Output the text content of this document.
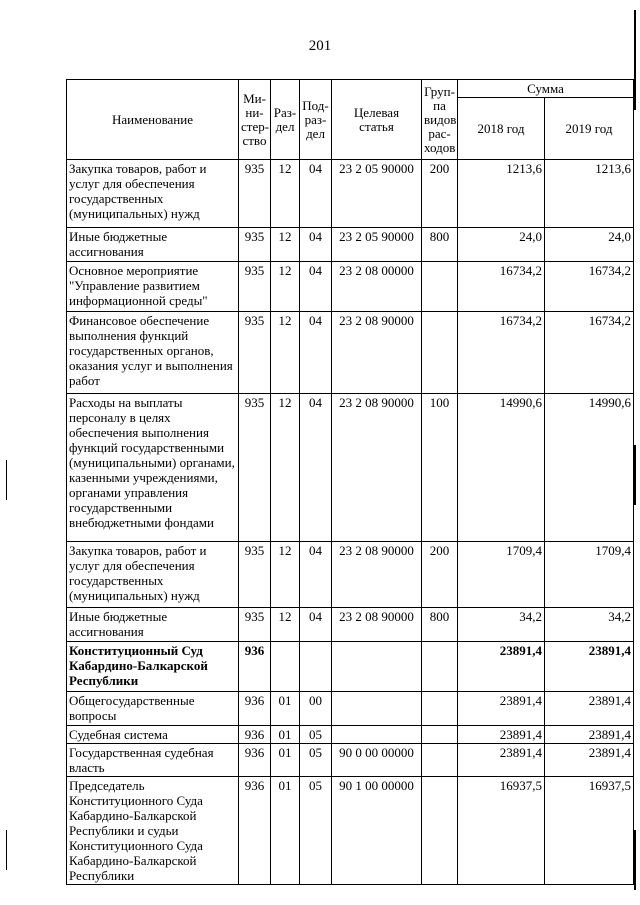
201
Наименование	Ми-
ни-
стер-
ство	Раз-
дел	Под-
раз-
дел	Целевая
статья	Груп-
па
видов
рас-
ходов	Сумма	
						2018 год	2019 год
Закупка товаров, работ и услуг для обеспечения государственных (муниципальных) нужд	935	12	04	23 2 05 90000	200	1213,6	1213,6
Иные бюджетные ассигнования	935	12	04	23 2 05 90000	800	24,0	24,0
Основное мероприятие "Управление развитием информационной среды"	935	12	04	23 2 08 00000		16734,2	16734,2
Финансовое обеспечение выполнения функций государственных органов, оказания услуг и выполнения работ	935	12	04	23 2 08 90000		16734,2	16734,2
Расходы на выплаты персоналу в целях обеспечения выполнения функций государственными (муниципальными) органами, казенными учреждениями, органами управления государственными внебюджетными фондами	935	12	04	23 2 08 90000	100	14990,6	14990,6
Закупка товаров, работ и услуг для обеспечения государственных (муниципальных) нужд	935	12	04	23 2 08 90000	200	1709,4	1709,4
Иные бюджетные ассигнования	935	12	04	23 2 08 90000	800	34,2	34,2
Конституционный Суд Кабардино-Балкарской Республики	936					23891,4	23891,4
Общегосударственные вопросы	936	01	00			23891,4	23891,4
Судебная система	936	01	05			23891,4	23891,4
Государственная судебная власть	936	01	05	90 0 00 00000		23891,4	23891,4
Председатель Конституционного Суда Кабардино-Балкарской Республики и судьи Конституционного Суда Кабардино-Балкарской Республики	936	01	05	90 1 00 00000		16937,5	16937,5
